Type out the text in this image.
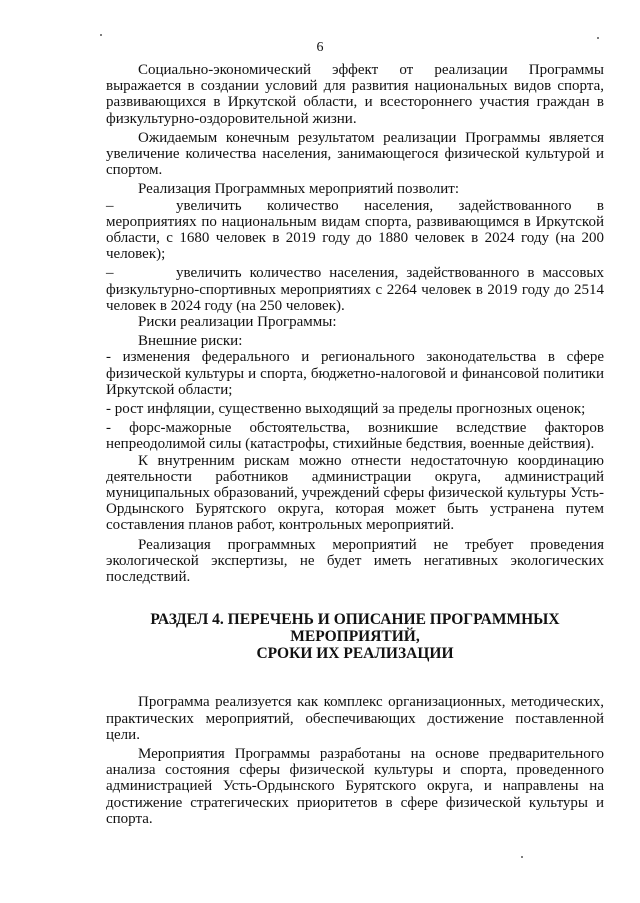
6

Социально-экономический эффект от реализации Программы выражается в создании условий для развития национальных видов спорта, развивающихся в Иркутской области, и всестороннего участия граждан в физкультурно-оздоровительной жизни.

Ожидаемым конечным результатом реализации Программы является увеличение количества населения, занимающегося физической культурой и спортом.

Реализация Программных мероприятий позволит:

–	увеличить количество населения, задействованного в мероприятиях по национальным видам спорта, развивающимся в Иркутской области, с 1680 человек в 2019 году до 1880 человек в 2024 году (на 200 человек);

–	увеличить количество населения, задействованного в массовых физкультурно-спортивных мероприятиях с 2264 человек в 2019 году до 2514 человек в 2024 году (на 250 человек).

Риски реализации Программы:

Внешние риски:

- изменения федерального и регионального законодательства в сфере физической культуры и спорта, бюджетно-налоговой и финансовой политики Иркутской области;

- рост инфляции, существенно выходящий за пределы прогнозных оценок;

- форс-мажорные обстоятельства, возникшие вследствие факторов непреодолимой силы (катастрофы, стихийные бедствия, военные действия).

К внутренним рискам можно отнести недостаточную координацию деятельности работников администрации округа, администраций муниципальных образований, учреждений сферы физической культуры Усть-Ордынского Бурятского округа, которая может быть устранена путем составления планов работ, контрольных мероприятий.

Реализация программных мероприятий не требует проведения экологической экспертизы, не будет иметь негативных экологических последствий.

РАЗДЕЛ 4. ПЕРЕЧЕНЬ И ОПИСАНИЕ ПРОГРАММНЫХ
МЕРОПРИЯТИЙ,
СРОКИ ИХ РЕАЛИЗАЦИИ

Программа реализуется как комплекс организационных, методических, практических мероприятий, обеспечивающих достижение поставленной цели.

Мероприятия Программы разработаны на основе предварительного анализа состояния сферы физической культуры и спорта, проведенного администрацией Усть-Ордынского Бурятского округа, и направлены на достижение стратегических приоритетов в сфере физической культуры и спорта.
